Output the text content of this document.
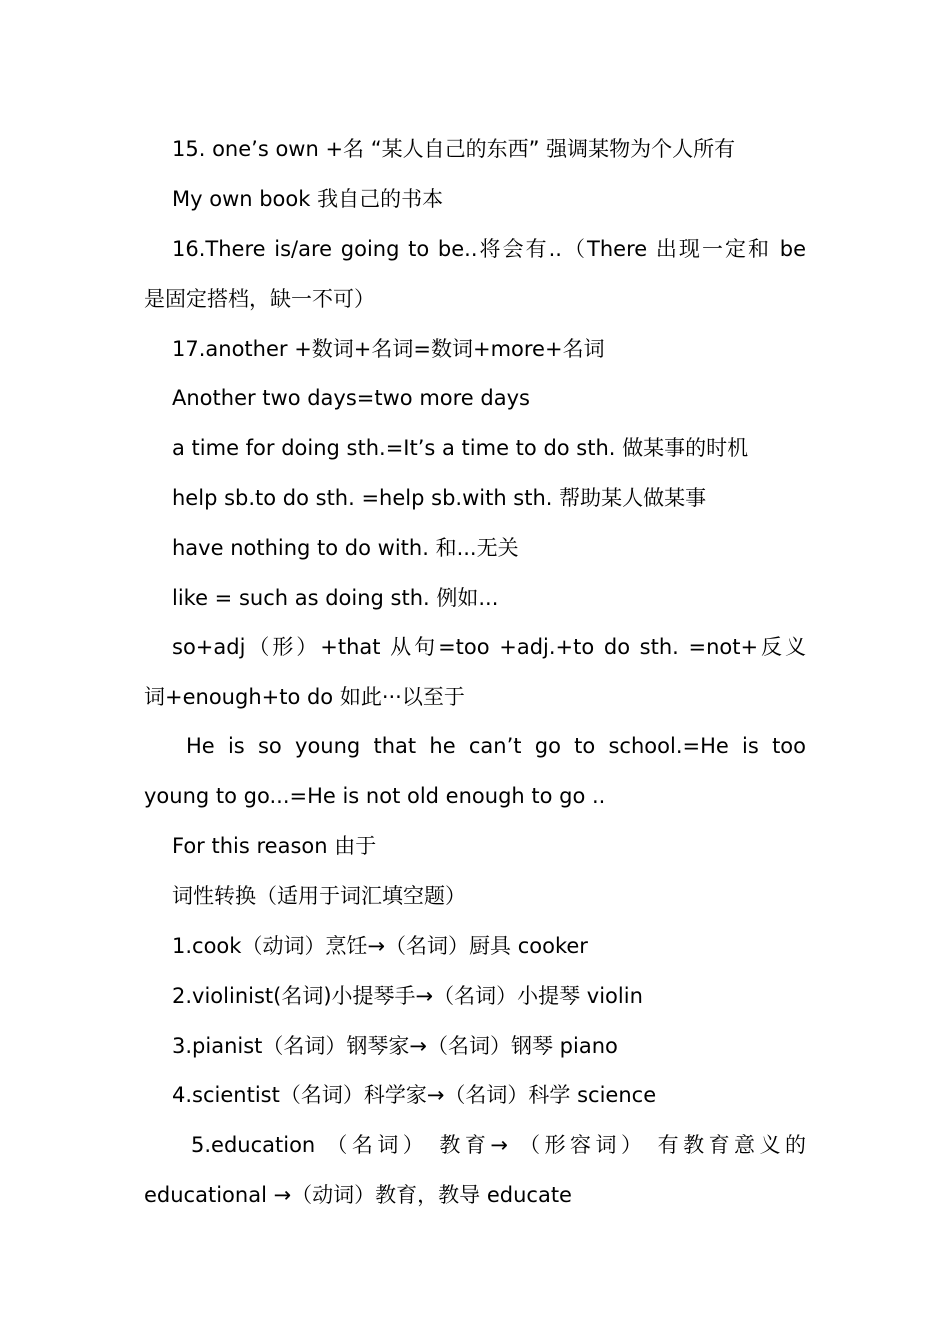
15. one’s own +名 “某人自己的东西” 强调某物为个人所有
My own book 我自己的书本
16.There is/are going to be..将会有..（There 出现一定和 be
是固定搭档，缺一不可）
17.another +数词+名词=数词+more+名词
Another two days=two more days
a time for doing sth.=It’s a time to do sth. 做某事的时机
help sb.to do sth. =help sb.with sth. 帮助某人做某事
have nothing to do with. 和...无关
like = such as doing sth. 例如...
so+adj（形）+that 从句=too +adj.+to do sth. =not+反义
词+enough+to do 如此···以至于
He is so young that he can’t go to school.=He is too
young to go...=He is not old enough to go ..
For this reason 由于
词性转换（适用于词汇填空题）
1.cook（动词）烹饪→（名词）厨具 cooker
2.violinist(名词)小提琴手→（名词）小提琴 violin
3.pianist（名词）钢琴家→（名词）钢琴 piano
4.scientist（名词）科学家→（名词）科学 science
5.education （名词） 教育→ （形容词） 有教育意义的
educational →（动词）教育，教导 educate
